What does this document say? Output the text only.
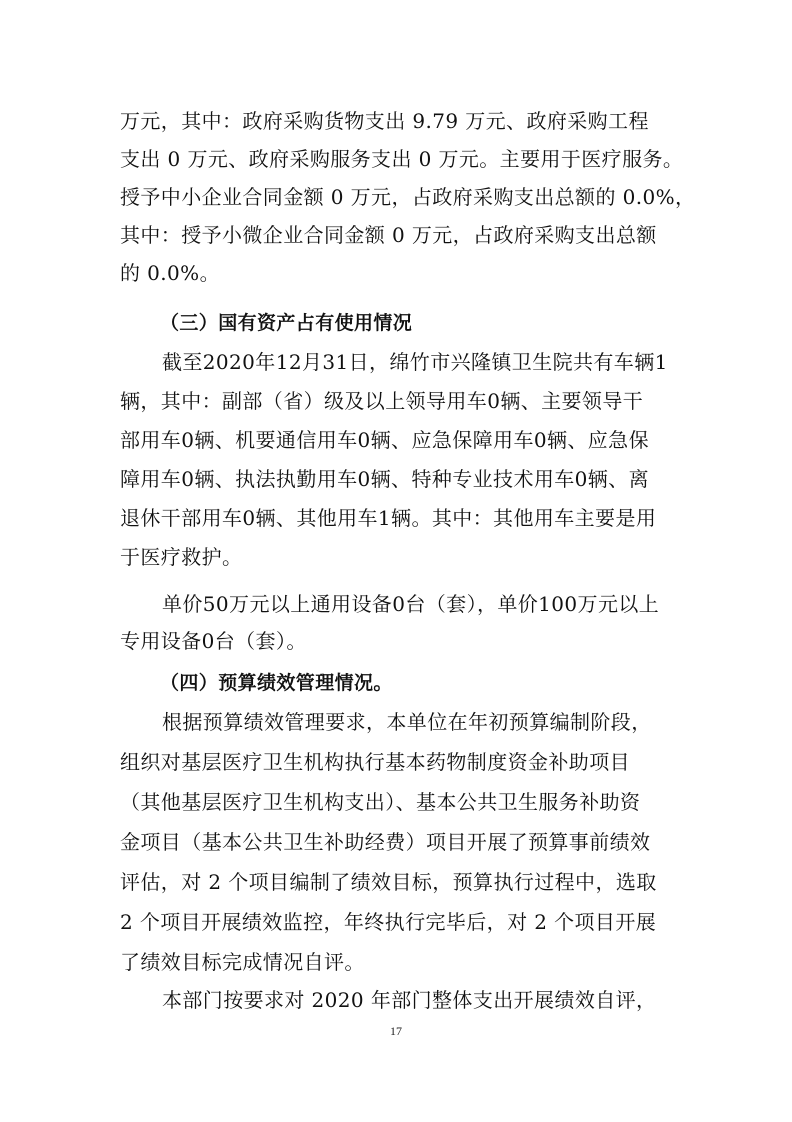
万元，其中：政府采购货物支出 9.79 万元、政府采购工程
支出 0 万元、政府采购服务支出 0 万元。主要用于医疗服务。
授予中小企业合同金额 0 万元，占政府采购支出总额的 0.0%，
其中：授予小微企业合同金额 0 万元，占政府采购支出总额
的 0.0%。
（三）国有资产占有使用情况
截至2020年12月31日，绵竹市兴隆镇卫生院共有车辆1
辆，其中：副部（省）级及以上领导用车0辆、主要领导干
部用车0辆、机要通信用车0辆、应急保障用车0辆、应急保
障用车0辆、执法执勤用车0辆、特种专业技术用车0辆、离
退休干部用车0辆、其他用车1辆。其中：其他用车主要是用
于医疗救护。
单价50万元以上通用设备0台（套），单价100万元以上
专用设备0台（套）。
（四）预算绩效管理情况。
根据预算绩效管理要求，本单位在年初预算编制阶段，
组织对基层医疗卫生机构执行基本药物制度资金补助项目
（其他基层医疗卫生机构支出）、基本公共卫生服务补助资
金项目（基本公共卫生补助经费）项目开展了预算事前绩效
评估，对 2 个项目编制了绩效目标，预算执行过程中，选取
2 个项目开展绩效监控，年终执行完毕后，对 2 个项目开展
了绩效目标完成情况自评。
本部门按要求对 2020 年部门整体支出开展绩效自评，
17
